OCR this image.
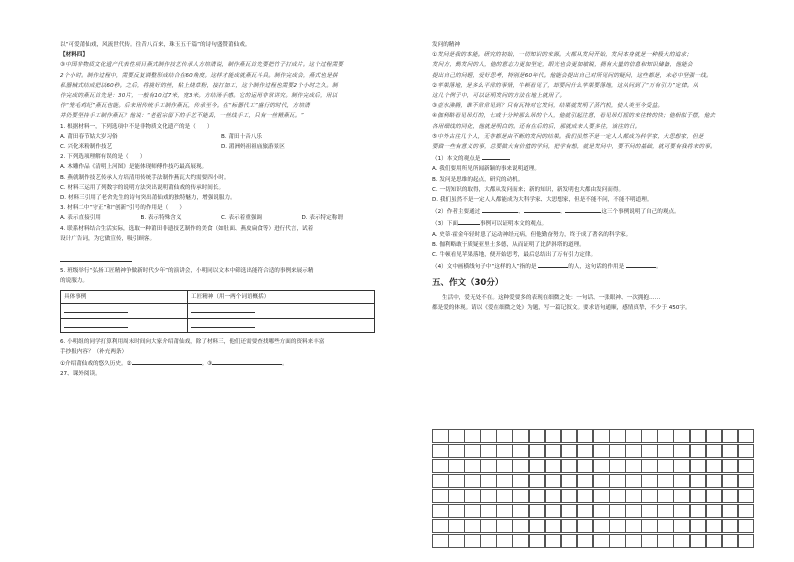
以“可爱莆仙戏，风流世代传。往昔八百来，珠玉五千篇”的诗句盛赞莆仙戏。
【材料四】
③中国非物质文化遗产代表性项目燕式制作技艺传承人方培清说，制作燕瓦首先要把竹子打成片。这个过程需要
2个小时。制作过程中，需要反复调整形成结合在60角度。这样才能成就燕瓦斗具。制作完成会，燕式也是拼
私器械式结成把以60秒。之后，将挑好的丝，粘上烧草粉，接打加工，这个制作过程也需要2个小时之久。制
作完成的燕瓦首先是：30片，一般有10过7米，宽3米。方结汤手感。它的运用非常讲究。制作完成后，用以
作“笼毛鸡纪”燕瓦也能。后来用传统手工制作燕瓦，传承至今。在“标器代工”盛行的时代，方培清
并仍要坚持手工制作燕瓦？他说：“老祖宗留下的手艺不能丢，一丝线手工，只有一丝精燕瓦。”
1. 根据材料一，下列选项中不是非物质文化遗产的是（　　）
A. 莆田春节姑大岁习俗	B. 莆田十音八乐
C. 兴化米粉制作技艺	D. 湄洲妈祖祖庙旅游景区
2. 下列选项理解有误的是（　　）
A. 木雕作品《清明上河图》是能体现师傅作技巧最高展现。
B. 燕就制作技艺传承人方培清用传统手法制作燕瓦大约需要四小时。
C. 材料三运用了列数字的说明方法突出说明莆仙戏的传承时间长。
D. 材料三引用了老舍先生的诗句突出莆仙戏的独特魅力，增强说服力。
3. 材料二中“守正”和“创新”引号的作用是（　　）
A. 表示直接引用	B. 表示特殊含义	C. 表示着重强调	D. 表示特定称谓
4. 联系材料结合生活实际，选取一种莆田非遗技艺制作的美食（如肚面、燕皮扁食等）进行代言，试着
设计广告词，为它做宣传，吸引顾客。
5. 班级举行“弘扬工匠精神争做新时代少年”的演讲会，小明同以文本中筛选出能符合适的事例来展示精
的说服力。
具体事例	工匠精神（用一两个词语概括）

6. 小明组的同学打算利用周末时间向大家介绍莆仙戏，除了材料三，他们还需要查找哪些方面的资料来丰富
手抄报内容？（补充两条）
①介绍莆仙戏的悠久历史。②	。③	。
27、课外阅读。
发问的精神
①发问是我的本能。研究的初始，一切知识的来源。大都从发问开始，发问本身就是一种极大的追求；
发问方，勤发问的人，他的意志力更加坚定，眼光也会更加敏锐，拥有大量的信息和知识储备，他能会
提出自己的问题，爱好思考，特别是60年代。他能会提出自己对所见问的疑问，这些都是，未必中坚强一线。
②苹果落地，是多么平常的事情，牛顿看见了，却要问什么苹果要落地，这从问到了“万有引力”定律。从
这几个例子中，可以证明发问的方法在地上就用了。
③壶水沸腾，谁不常常见到？只有瓦特对它发问，结果就发明了蒸汽机，使人类至今受益。
④伽利略看见吊灯的，七或十分钟那么吊的个人，他就引起注意，看见吊灯摇的来往转的快；他相似于摆，他去
各用细线的同化，他就是明白的。还有在后的后，那就成来人要多往，该往的日。
⑤中外古往几个人，无非都是由不断的发问的结果。我们虽然不是一定人人都成为科学家，大思想家，但是
要做一些有意义的事，总要做大有价值的学问，把学有想，就是发问中，要不问的基础，就可要有我将来的事。
（1）本文的观点是
A. 我们要用所见所闻新颖的事来说明道理。
B. 发问是思维的起点，研究的动机。
C. 一切知识的取得，大都从发问而来；新的知识，新发明也大都由发问而得。
D. 我们虽然不是一定人人都能成为大科学家、大思想家，但是不能不问，不能不明道理。
（2）作者主要通过	、	、	这三个事例说明了自己的观点。
（3）下面	事例可以证明本文的观点。
A. 史蒂·霍金年轻时患了运动神经元病，但他勤奋努力，终于成了著名的科学家。
B. 伽利略敢于质疑亚里士多德，从而证明了比萨斜塔的道理。
C. 牛顿看见苹果落地，便开始思考，最后总结出了万有引力定律。
（4）文中画横线句子中“这样的人”指的是	的人，这句话的作用是	。
五、作文（30分）
生活中，爱无处不在。这种爱要多的表现在细微之处：一句话、一张眼神、一次拥抱……
都是爱的体现。请以《爱在细微之处》为题，写一篇记叙文。要求语句通顺，感情真挚，不少于 450字。
